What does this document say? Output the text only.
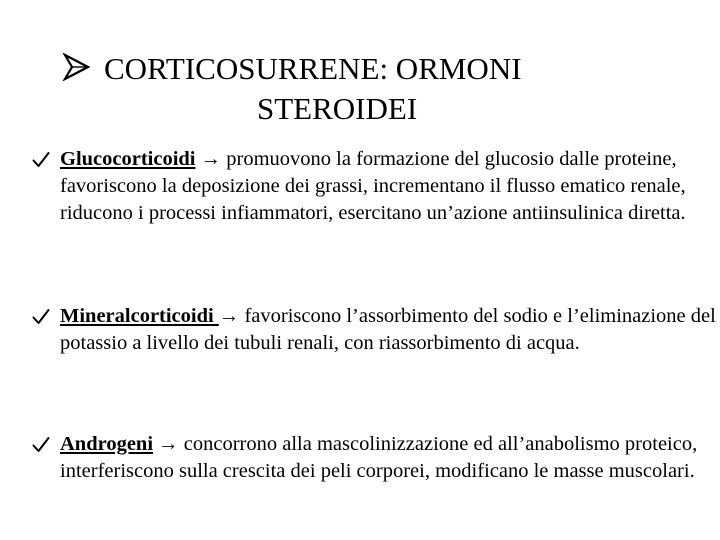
CORTICOSURRENE: ORMONI
STEROIDEI
Glucocorticoidi → promuovono la formazione del glucosio dalle proteine, favoriscono la deposizione dei grassi, incrementano il flusso ematico renale, riducono i processi infiammatori, esercitano un’azione antiinsulinica diretta.
Mineralcorticoidi → favoriscono l’assorbimento del sodio e l’eliminazione del potassio a livello dei tubuli renali, con riassorbimento di acqua.
Androgeni → concorrono alla mascolinizzazione ed all’anabolismo proteico, interferiscono sulla crescita dei peli corporei, modificano le masse muscolari.
